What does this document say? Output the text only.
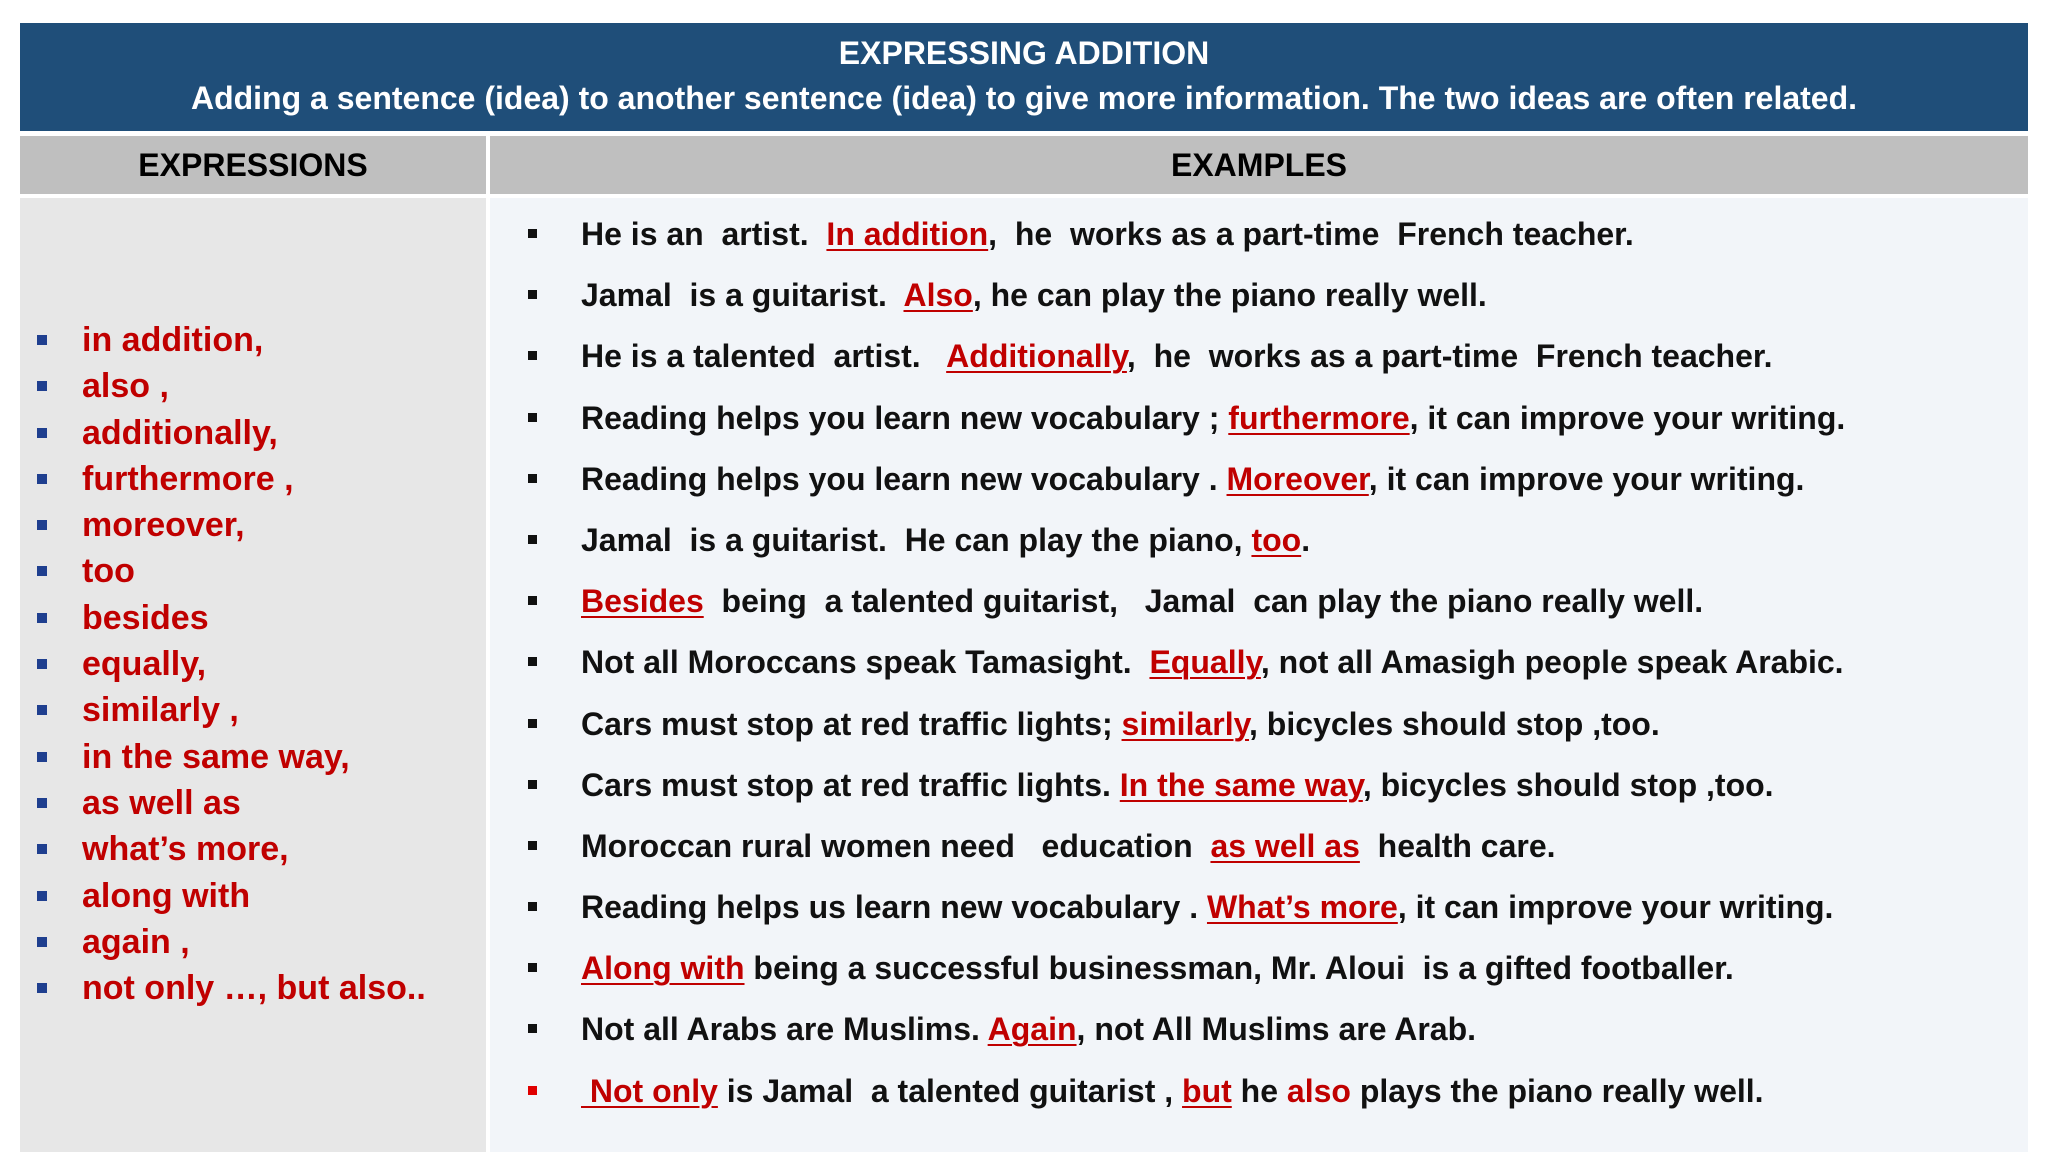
EXPRESSING ADDITION
Adding a sentence (idea) to another sentence (idea) to give more information. The two ideas are often related.
EXPRESSIONS	EXAMPLES
in addition,
also ,
additionally,
furthermore ,
moreover,
too
besides
equally,
similarly ,
in the same way,
as well as
what’s more,
along with
again ,
not only …, but also..
He is an  artist.  In addition,  he  works as a part-time  French teacher.
Jamal  is a guitarist.  Also, he can play the piano really well.
He is a talented  artist.   Additionally,  he  works as a part-time  French teacher.
Reading helps you learn new vocabulary ; furthermore, it can improve your writing.
Reading helps you learn new vocabulary . Moreover, it can improve your writing.
Jamal  is a guitarist.  He can play the piano, too.
Besides  being  a talented guitarist,   Jamal  can play the piano really well.
Not all Moroccans speak Tamasight.  Equally, not all Amasigh people speak Arabic.
Cars must stop at red traffic lights; similarly, bicycles should stop ,too.
Cars must stop at red traffic lights. In the same way, bicycles should stop ,too.
Moroccan rural women need   education  as well as  health care.
Reading helps us learn new vocabulary . What’s more, it can improve your writing.
Along with being a successful businessman, Mr. Aloui  is a gifted footballer.
Not all Arabs are Muslims. Again, not All Muslims are Arab.
Not only is Jamal  a talented guitarist , but he also plays the piano really well.
